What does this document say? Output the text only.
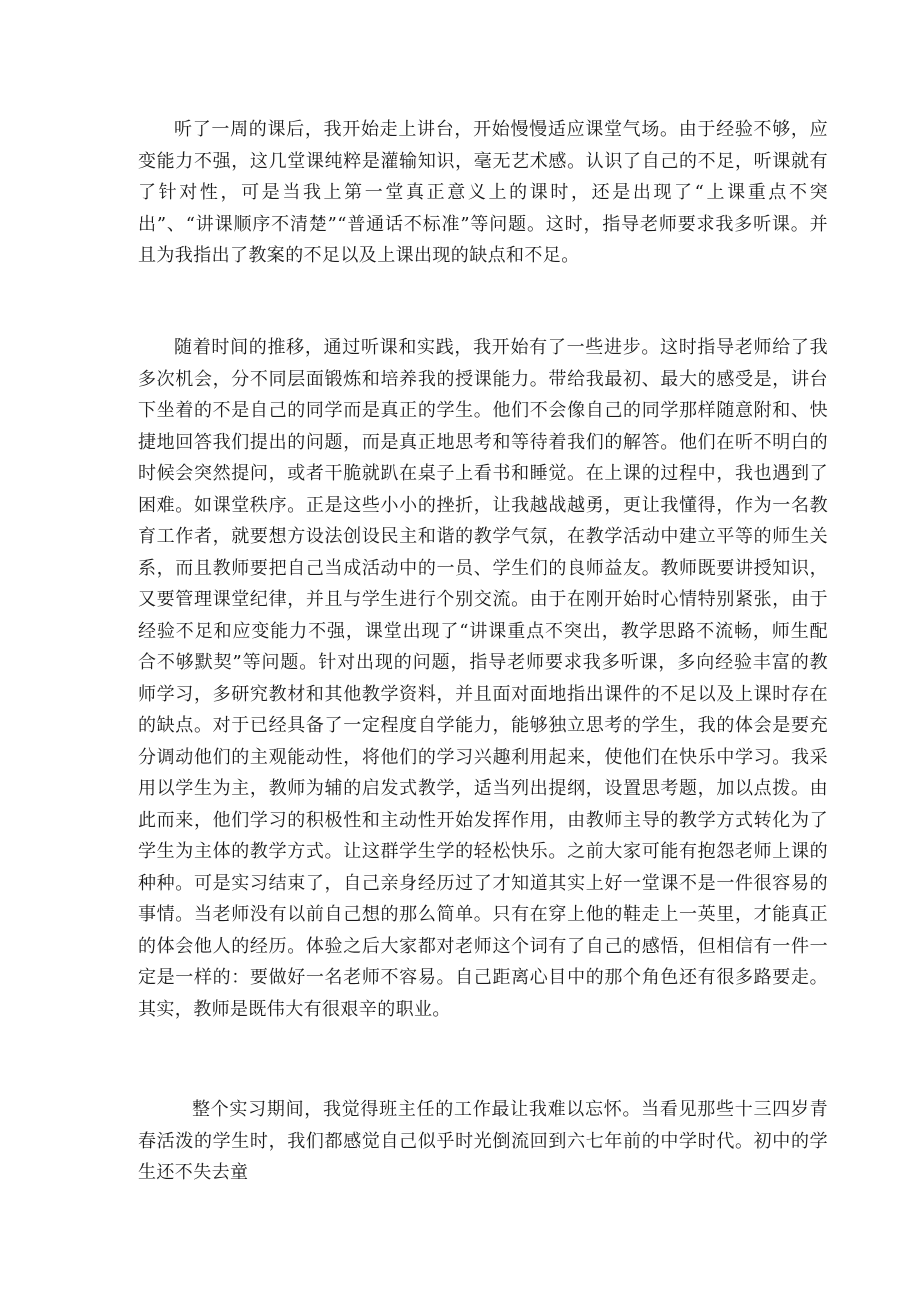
听了一周的课后，我开始走上讲台，开始慢慢适应课堂气场。由于经验不够，应变能力不强，这几堂课纯粹是灌输知识，毫无艺术感。认识了自己的不足，听课就有了针对性，可是当我上第一堂真正意义上的课时，还是出现了“上课重点不突出”、“讲课顺序不清楚”“普通话不标准”等问题。这时，指导老师要求我多听课。并且为我指出了教案的不足以及上课出现的缺点和不足。

随着时间的推移，通过听课和实践，我开始有了一些进步。这时指导老师给了我多次机会，分不同层面锻炼和培养我的授课能力。带给我最初、最大的感受是，讲台下坐着的不是自己的同学而是真正的学生。他们不会像自己的同学那样随意附和、快捷地回答我们提出的问题，而是真正地思考和等待着我们的解答。他们在听不明白的时候会突然提问，或者干脆就趴在桌子上看书和睡觉。在上课的过程中，我也遇到了困难。如课堂秩序。正是这些小小的挫折，让我越战越勇，更让我懂得，作为一名教育工作者，就要想方设法创设民主和谐的教学气氛，在教学活动中建立平等的师生关系，而且教师要把自己当成活动中的一员、学生们的良师益友。教师既要讲授知识，又要管理课堂纪律，并且与学生进行个别交流。由于在刚开始时心情特别紧张，由于经验不足和应变能力不强，课堂出现了“讲课重点不突出，教学思路不流畅，师生配合不够默契”等问题。针对出现的问题，指导老师要求我多听课，多向经验丰富的教师学习，多研究教材和其他教学资料，并且面对面地指出课件的不足以及上课时存在的缺点。对于已经具备了一定程度自学能力，能够独立思考的学生，我的体会是要充分调动他们的主观能动性，将他们的学习兴趣利用起来，使他们在快乐中学习。我采用以学生为主，教师为辅的启发式教学，适当列出提纲，设置思考题，加以点拨。由此而来，他们学习的积极性和主动性开始发挥作用，由教师主导的教学方式转化为了学生为主体的教学方式。让这群学生学的轻松快乐。之前大家可能有抱怨老师上课的种种。可是实习结束了，自己亲身经历过了才知道其实上好一堂课不是一件很容易的事情。当老师没有以前自己想的那么简单。只有在穿上他的鞋走上一英里，才能真正的体会他人的经历。体验之后大家都对老师这个词有了自己的感悟，但相信有一件一定是一样的：要做好一名老师不容易。自己距离心目中的那个角色还有很多路要走。其实，教师是既伟大有很艰辛的职业。

整个实习期间，我觉得班主任的工作最让我难以忘怀。当看见那些十三四岁青春活泼的学生时，我们都感觉自己似乎时光倒流回到六七年前的中学时代。初中的学生还不失去童
